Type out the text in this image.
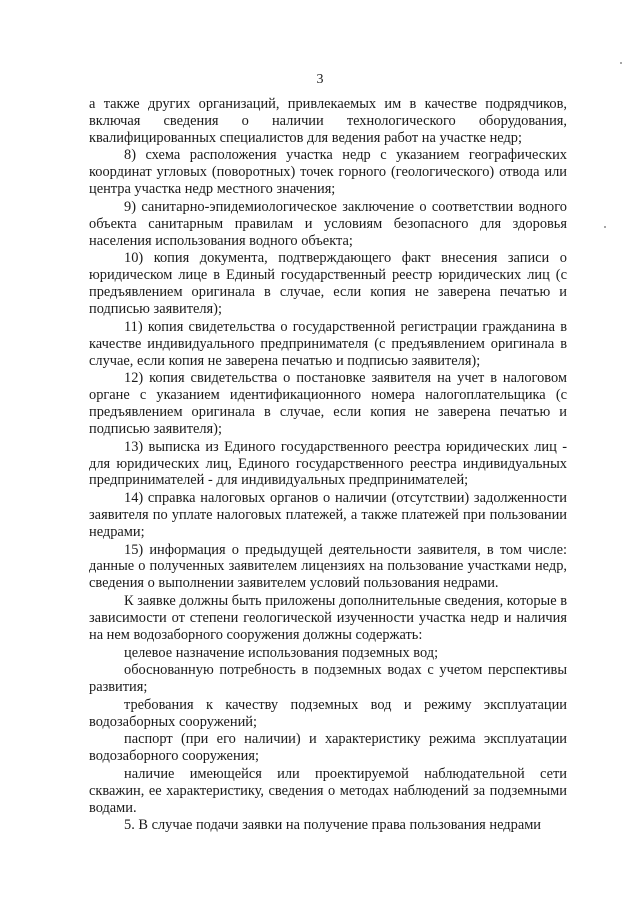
3

а также других организаций, привлекаемых им в качестве подрядчиков, включая сведения о наличии технологического оборудования, квалифицированных специалистов для ведения работ на участке недр;

8) схема расположения участка недр с указанием географических координат угловых (поворотных) точек горного (геологического) отвода или центра участка недр местного значения;

9) санитарно-эпидемиологическое заключение о соответствии водного объекта санитарным правилам и условиям безопасного для здоровья населения использования водного объекта;

10) копия документа, подтверждающего факт внесения записи о юридическом лице в Единый государственный реестр юридических лиц (с предъявлением оригинала в случае, если копия не заверена печатью и подписью заявителя);

11) копия свидетельства о государственной регистрации гражданина в качестве индивидуального предпринимателя (с предъявлением оригинала в случае, если копия не заверена печатью и подписью заявителя);

12) копия свидетельства о постановке заявителя на учет в налоговом органе с указанием идентификационного номера налогоплательщика (с предъявлением оригинала в случае, если копия не заверена печатью и подписью заявителя);

13) выписка из Единого государственного реестра юридических лиц - для юридических лиц, Единого государственного реестра индивидуальных предпринимателей - для индивидуальных предпринимателей;

14) справка налоговых органов о наличии (отсутствии) задолженности заявителя по уплате налоговых платежей, а также платежей при пользовании недрами;

15) информация о предыдущей деятельности заявителя, в том числе: данные о полученных заявителем лицензиях на пользование участками недр, сведения о выполнении заявителем условий пользования недрами.

К заявке должны быть приложены дополнительные сведения, которые в зависимости от степени геологической изученности участка недр и наличия на нем водозаборного сооружения должны содержать:

целевое назначение использования подземных вод;

обоснованную потребность в подземных водах с учетом перспективы развития;

требования к качеству подземных вод и режиму эксплуатации водозаборных сооружений;

паспорт (при его наличии) и характеристику режима эксплуатации водозаборного сооружения;

наличие имеющейся или проектируемой наблюдательной сети скважин, ее характеристику, сведения о методах наблюдений за подземными водами.

5. В случае подачи заявки на получение права пользования недрами
